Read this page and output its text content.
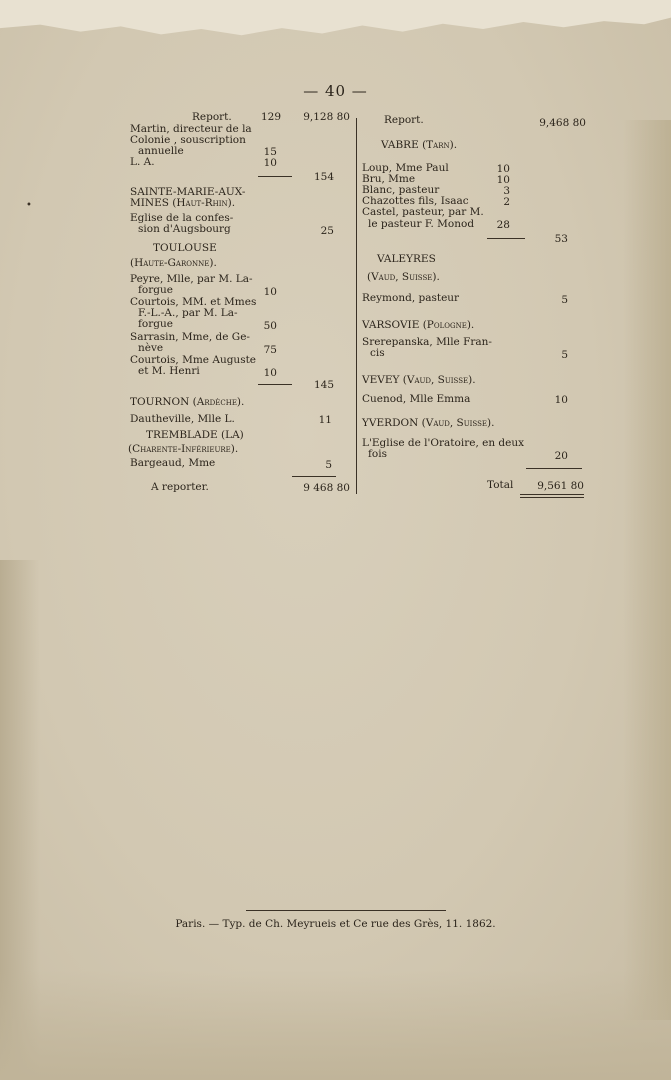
— 40 —
Report.	129	9,128 80
Martin, directeur de la
Colonie , souscription
annuelle	15
L. A.	10
154
SAINTE-MARIE-AUX-
MINES (Haut-Rhin).
Eglise de la confes-
sion d'Augsbourg	25
TOULOUSE
(Haute-Garonne).
Peyre, Mlle, par M. La-
forgue	10
Courtois, MM. et Mmes
F.-L.-A., par M. La-
forgue	50
Sarrasin, Mme, de Ge-
nève	75
Courtois, Mme Auguste
et M. Henri	10
145
TOURNON (Ardèche).
Dautheville, Mlle L.	11
TREMBLADE (LA)
(Charente-Inférieure).
Bargeaud, Mme	5
A reporter.	9 468 80
Report.	9,468 80
VABRE (Tarn).
Loup, Mme Paul	10
Bru, Mme	10
Blanc, pasteur	3
Chazottes fils, Isaac	2
Castel, pasteur, par M.
le pasteur F. Monod	28
53
VALEYRES
(Vaud, Suisse).
Reymond, pasteur	5
VARSOVIE (Pologne).
Srerepanska, Mlle Fran-
cis	5
VEVEY (Vaud, Suisse).
Cuenod, Mlle Emma	10
YVERDON (Vaud, Suisse).
L'Eglise de l'Oratoire, en deux
fois	20
Total	9,561 80
•
Paris. — Typ. de Ch. Meyrueis et Ce rue des Grès, 11. 1862.
